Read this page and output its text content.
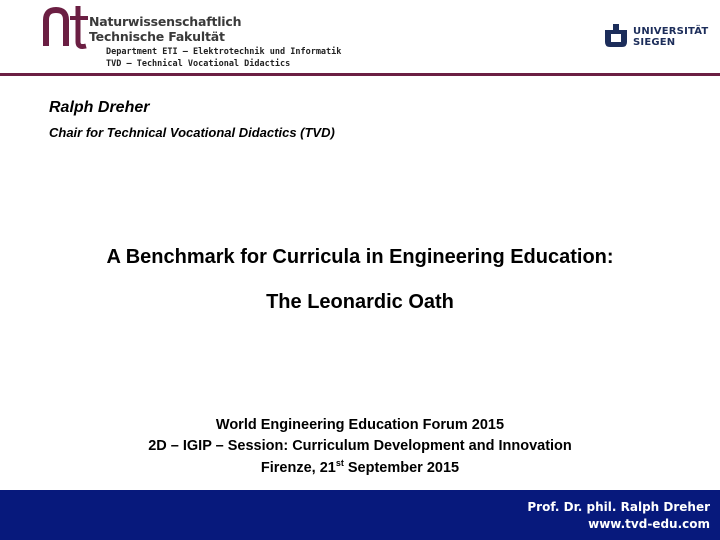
Naturwissenschaftlich
Technische Fakultät
Department ETI – Elektrotechnik und Informatik
TVD – Technical Vocational Didactics
UNIVERSITÄT
SIEGEN
Ralph Dreher
Chair for Technical Vocational Didactics (TVD)
A Benchmark for Curricula in Engineering Education:
The Leonardic Oath
World Engineering Education Forum 2015
2D – IGIP – Session: Curriculum Development and Innovation
Firenze, 21st September 2015
Prof. Dr. phil. Ralph Dreher
www.tvd-edu.com
